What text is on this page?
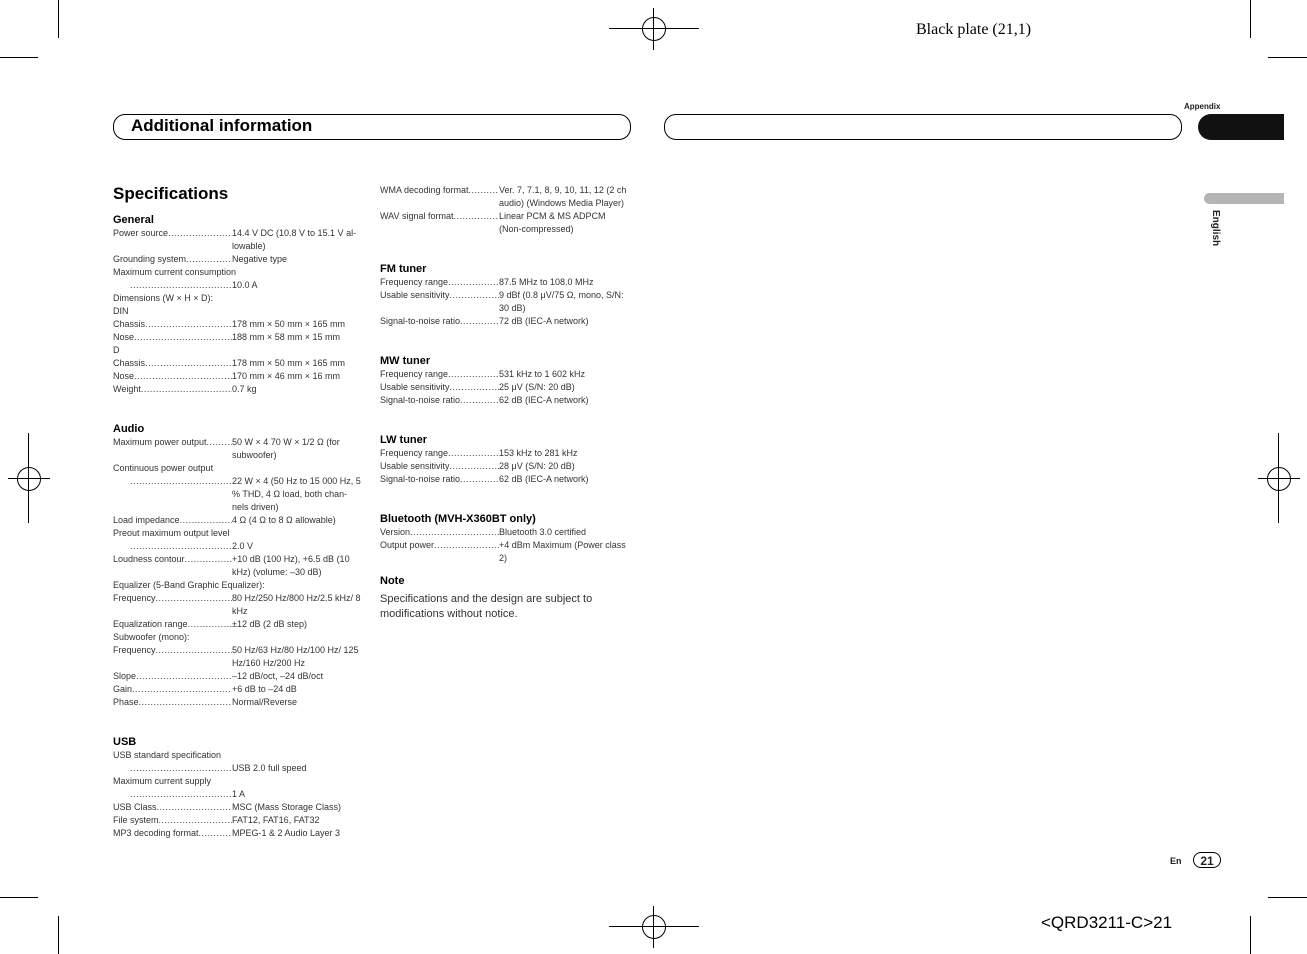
Black plate (21,1)
<QRD3211-C>21
Appendix
Additional information
English
Specifications
General
Power source .....	14.4 V DC (10.8 V to 15.1 V al- lowable)
Grounding system .....	Negative type
Maximum current consumption
.....10.0 A
Dimensions (W × H × D):
DIN
Chassis .....	178 mm × 50 mm × 165 mm
Nose .....	188 mm × 58 mm × 15 mm
D
Chassis .....	178 mm × 50 mm × 165 mm
Nose .....	170 mm × 46 mm × 16 mm
Weight .....	0.7 kg
Audio
Maximum power output .....	50 W × 4 70 W × 1/2 Ω (for subwoofer)
Continuous power output
.....22 W × 4 (50 Hz to 15 000 Hz, 5 % THD, 4 Ω load, both chan- nels driven)
Load impedance .....	4 Ω (4 Ω to 8 Ω allowable)
Preout maximum output level
.....2.0 V
Loudness contour .....	+10 dB (100 Hz), +6.5 dB (10 kHz) (volume: –30 dB)
Equalizer (5-Band Graphic Equalizer):
Frequency .....	80 Hz/250 Hz/800 Hz/2.5 kHz/ 8 kHz
Equalization range .....	±12 dB (2 dB step)
Subwoofer (mono):
Frequency .....	50 Hz/63 Hz/80 Hz/100 Hz/ 125 Hz/160 Hz/200 Hz
Slope .....	–12 dB/oct, –24 dB/oct
Gain .....	+6 dB to –24 dB
Phase .....	Normal/Reverse
USB
USB standard specification
.....USB 2.0 full speed
Maximum current supply
.....1 A
USB Class .....	MSC (Mass Storage Class)
File system .....	FAT12, FAT16, FAT32
MP3 decoding format .....	MPEG-1 & 2 Audio Layer 3
WMA decoding format .....	Ver. 7, 7.1, 8, 9, 10, 11, 12 (2 ch audio) (Windows Media Player)
WAV signal format .....	Linear PCM & MS ADPCM (Non-compressed)
FM tuner
Frequency range .....	87.5 MHz to 108.0 MHz
Usable sensitivity .....	9 dBf (0.8 μV/75 Ω, mono, S/N: 30 dB)
Signal-to-noise ratio .....	72 dB (IEC-A network)
MW tuner
Frequency range .....	531 kHz to 1 602 kHz
Usable sensitivity .....	25 μV (S/N: 20 dB)
Signal-to-noise ratio .....	62 dB (IEC-A network)
LW tuner
Frequency range .....	153 kHz to 281 kHz
Usable sensitivity .....	28 μV (S/N: 20 dB)
Signal-to-noise ratio .....	62 dB (IEC-A network)
Bluetooth (MVH-X360BT only)
Version .....	Bluetooth 3.0 certified
Output power .....	+4 dBm Maximum (Power class 2)
Note
Specifications and the design are subject to modifications without notice.
En	21
